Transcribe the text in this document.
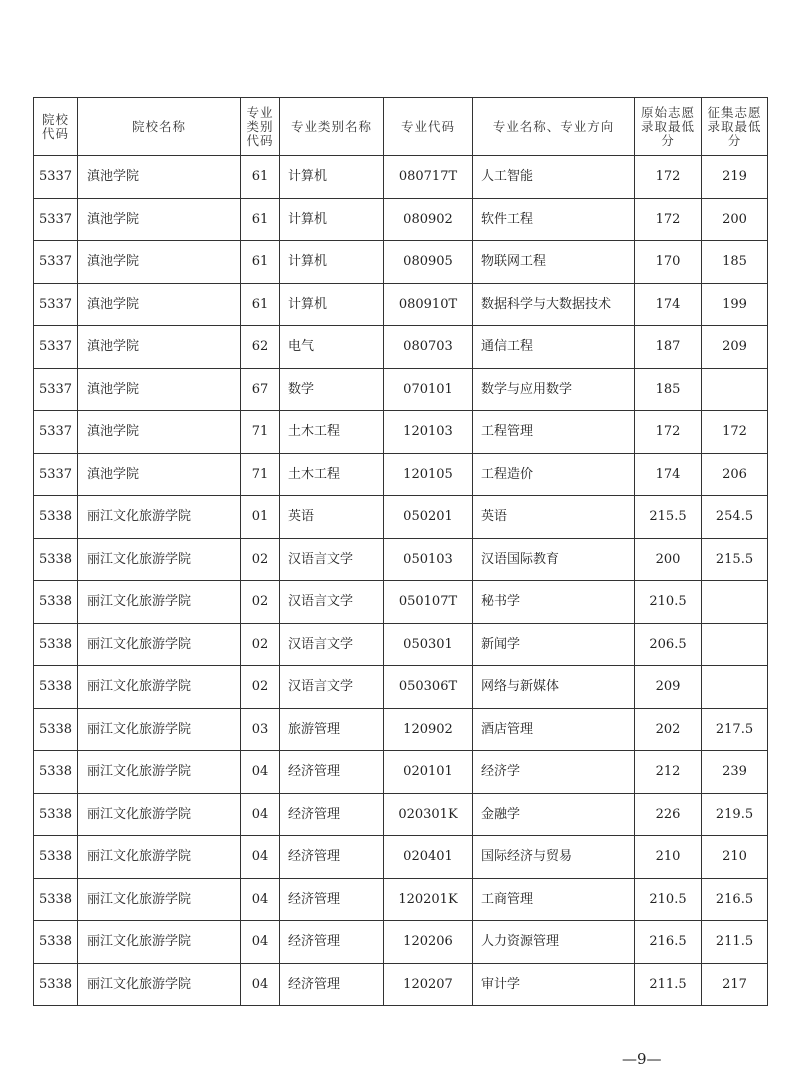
院校
代码	院校名称	专业
类别
代码	专业类别名称	专业代码	专业名称、专业方向	原始志愿
录取最低
分	征集志愿
录取最低
分
5337	滇池学院	61	计算机	080717T	人工智能	172	219
5337	滇池学院	61	计算机	080902	软件工程	172	200
5337	滇池学院	61	计算机	080905	物联网工程	170	185
5337	滇池学院	61	计算机	080910T	数据科学与大数据技术	174	199
5337	滇池学院	62	电气	080703	通信工程	187	209
5337	滇池学院	67	数学	070101	数学与应用数学	185	
5337	滇池学院	71	土木工程	120103	工程管理	172	172
5337	滇池学院	71	土木工程	120105	工程造价	174	206
5338	丽江文化旅游学院	01	英语	050201	英语	215.5	254.5
5338	丽江文化旅游学院	02	汉语言文学	050103	汉语国际教育	200	215.5
5338	丽江文化旅游学院	02	汉语言文学	050107T	秘书学	210.5	
5338	丽江文化旅游学院	02	汉语言文学	050301	新闻学	206.5	
5338	丽江文化旅游学院	02	汉语言文学	050306T	网络与新媒体	209	
5338	丽江文化旅游学院	03	旅游管理	120902	酒店管理	202	217.5
5338	丽江文化旅游学院	04	经济管理	020101	经济学	212	239
5338	丽江文化旅游学院	04	经济管理	020301K	金融学	226	219.5
5338	丽江文化旅游学院	04	经济管理	020401	国际经济与贸易	210	210
5338	丽江文化旅游学院	04	经济管理	120201K	工商管理	210.5	216.5
5338	丽江文化旅游学院	04	经济管理	120206	人力资源管理	216.5	211.5
5338	丽江文化旅游学院	04	经济管理	120207	审计学	211.5	217
—9—
